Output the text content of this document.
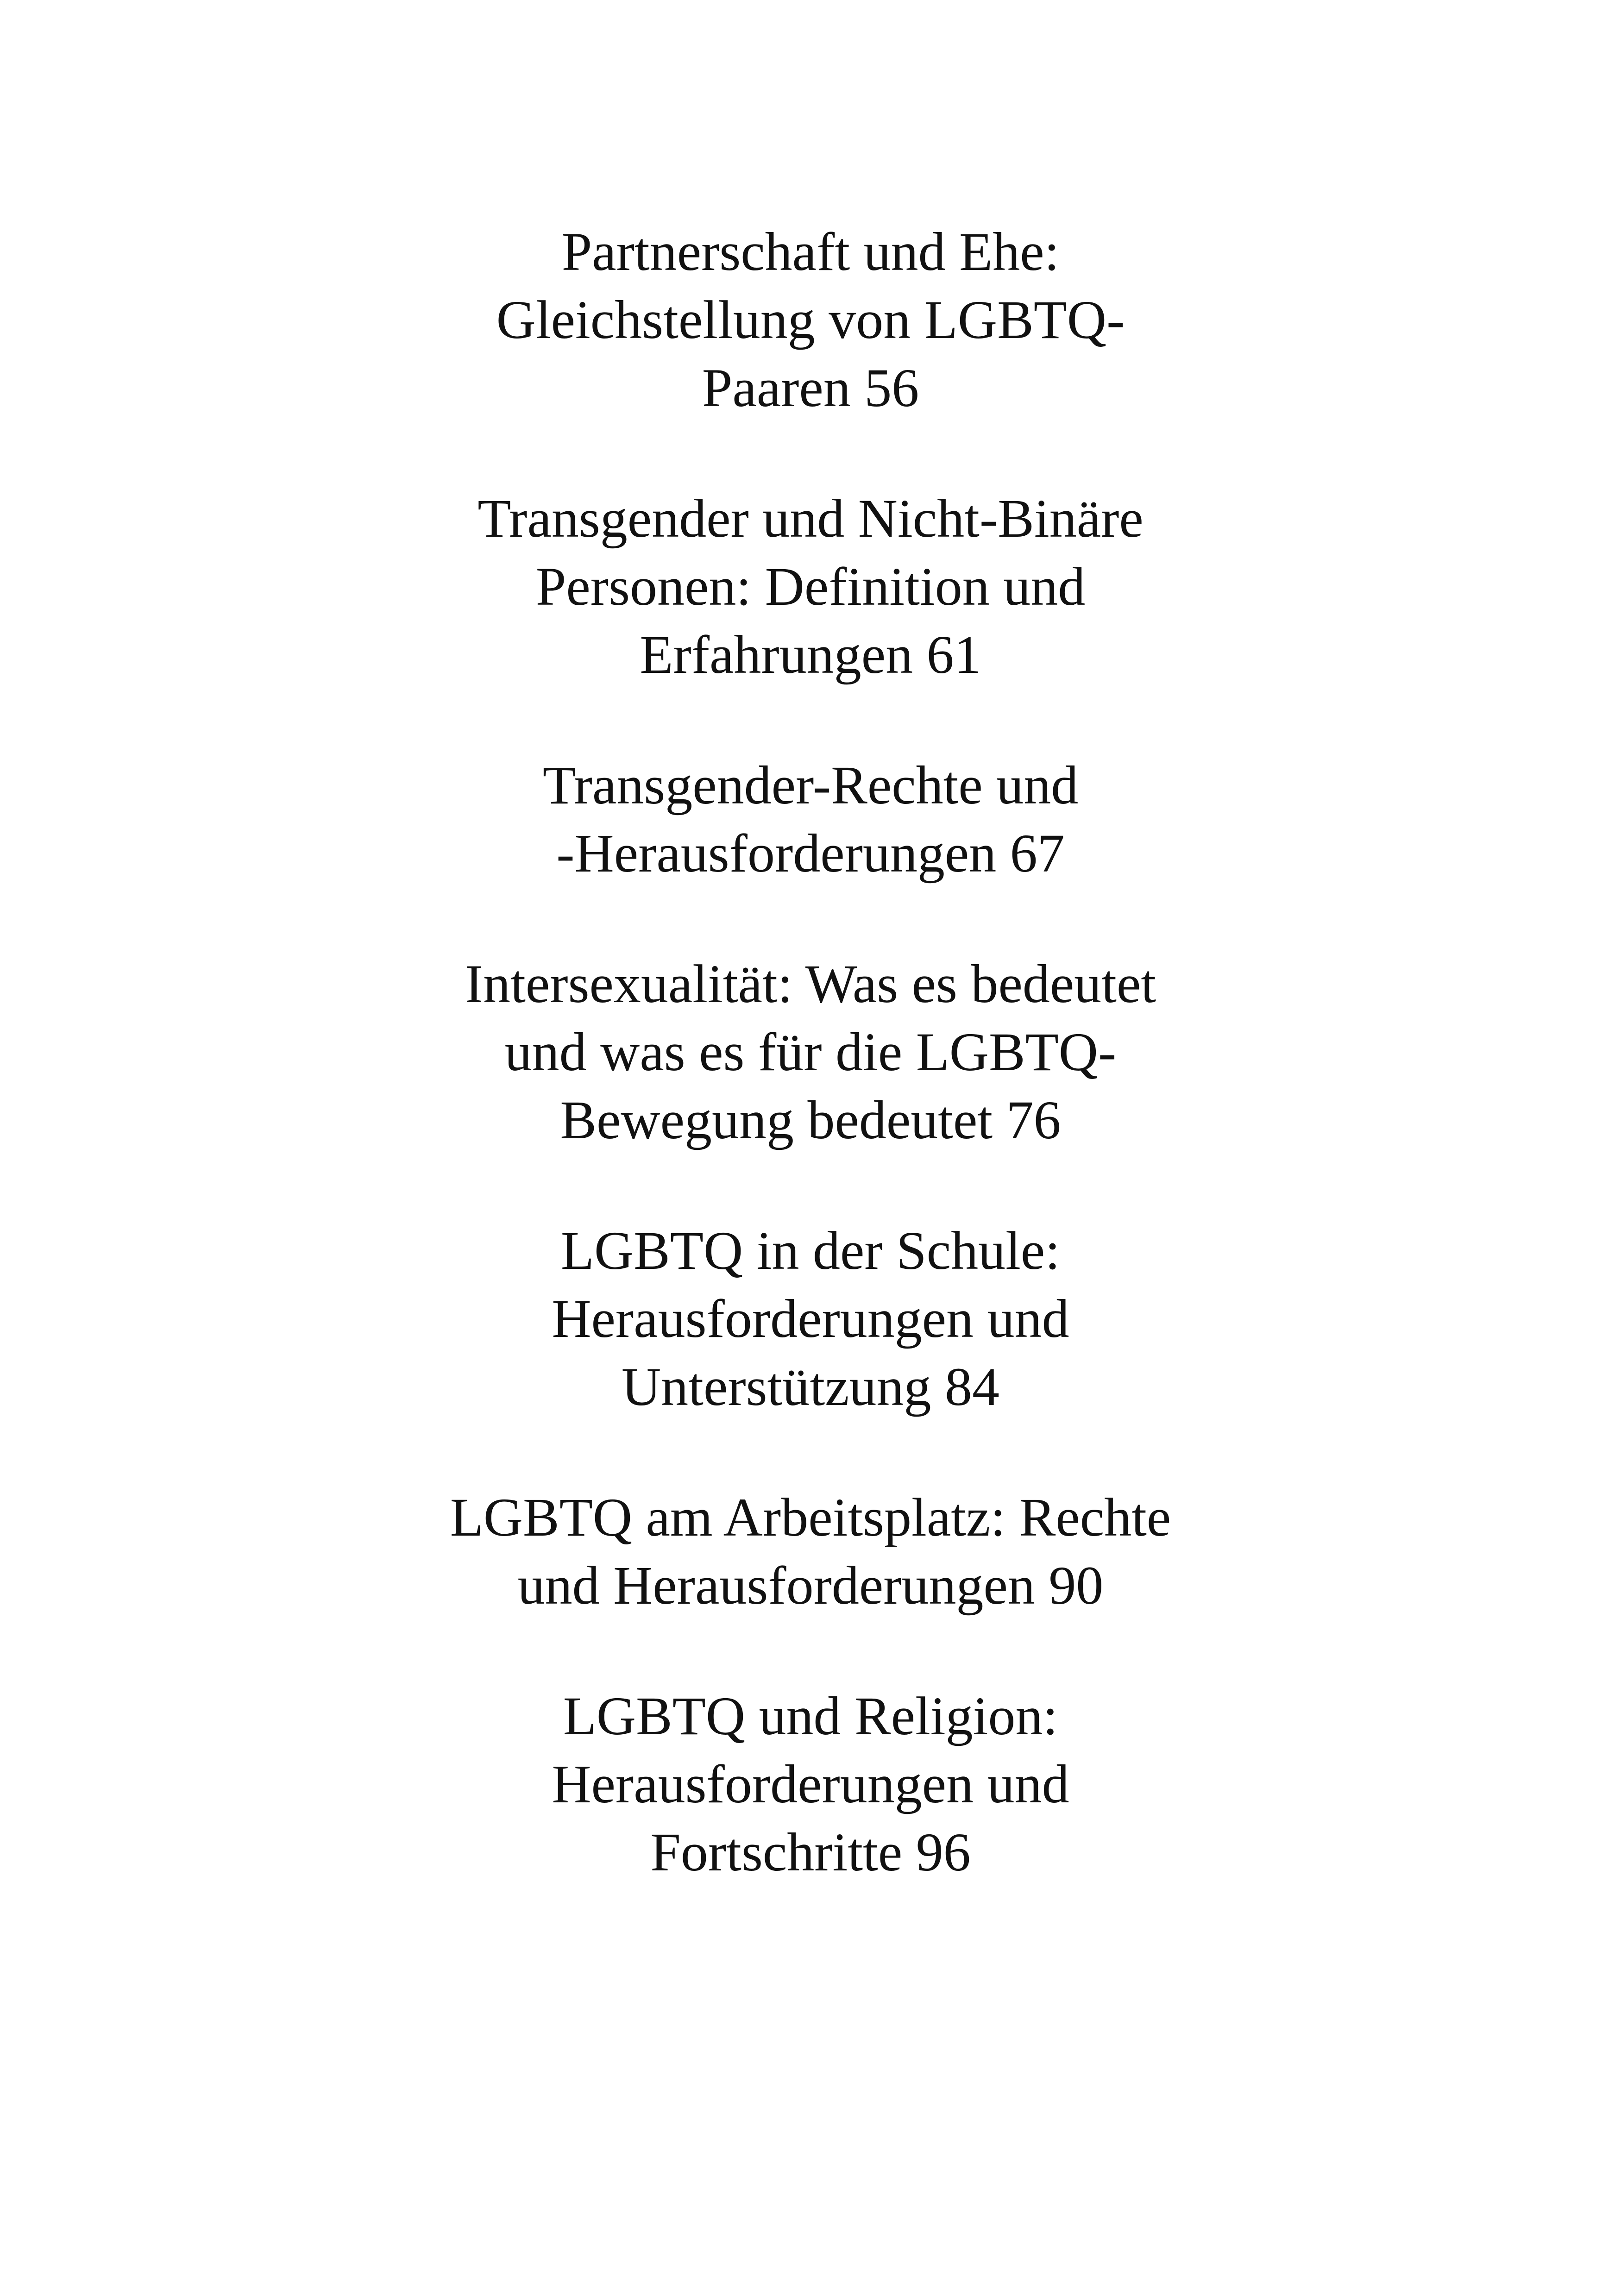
Partnerschaft und Ehe:
Gleichstellung von LGBTQ-
Paaren 56
Transgender und Nicht-Binäre
Personen: Definition und
Erfahrungen 61
Transgender-Rechte und
-Herausforderungen 67
Intersexualität: Was es bedeutet
und was es für die LGBTQ-
Bewegung bedeutet 76
LGBTQ in der Schule:
Herausforderungen und
Unterstützung 84
LGBTQ am Arbeitsplatz: Rechte
und Herausforderungen 90
LGBTQ und Religion:
Herausforderungen und
Fortschritte 96
